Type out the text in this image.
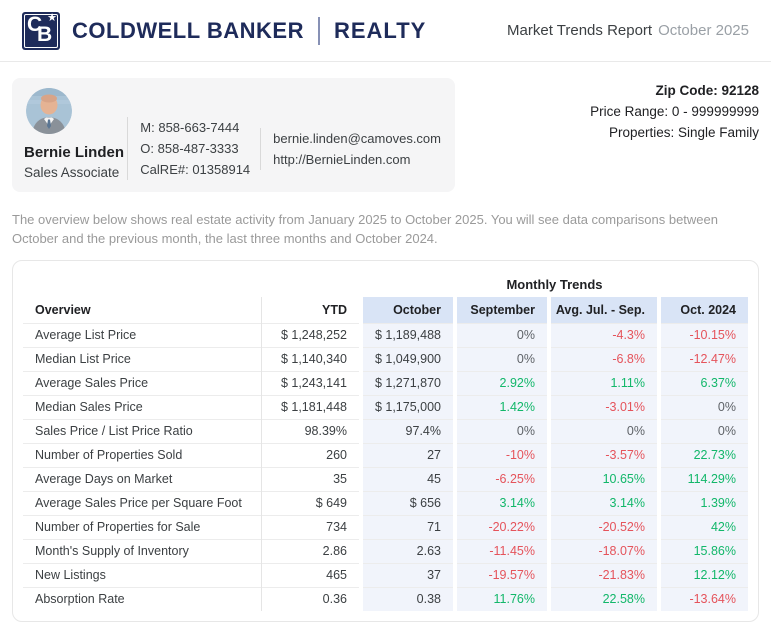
C
B
★ COLDWELL BANKER REALTY	Market Trends Report October 2025
Bernie Linden
Sales Associate
M: 858-663-7444
O: 858-487-3333
CalRE#: 01358914
bernie.linden@camoves.com
http://BernieLinden.com
Zip Code: 92128
Price Range: 0 - 999999999
Properties: Single Family

The overview below shows real estate activity from January 2025 to October 2025. You will see data comparisons between October and the previous month, the last three months and October 2024.

Monthly Trends
Overview	YTD	October	September	Avg. Jul. - Sep.	Oct. 2024
Average List Price	$ 1,248,252	$ 1,189,488	0%	-4.3%	-10.15%
Median List Price	$ 1,140,340	$ 1,049,900	0%	-6.8%	-12.47%
Average Sales Price	$ 1,243,141	$ 1,271,870	2.92%	1.11%	6.37%
Median Sales Price	$ 1,181,448	$ 1,175,000	1.42%	-3.01%	0%
Sales Price / List Price Ratio	98.39%	97.4%	0%	0%	0%
Number of Properties Sold	260	27	-10%	-3.57%	22.73%
Average Days on Market	35	45	-6.25%	10.65%	114.29%
Average Sales Price per Square Foot	$ 649	$ 656	3.14%	3.14%	1.39%
Number of Properties for Sale	734	71	-20.22%	-20.52%	42%
Month's Supply of Inventory	2.86	2.63	-11.45%	-18.07%	15.86%
New Listings	465	37	-19.57%	-21.83%	12.12%
Absorption Rate	0.36	0.38	11.76%	22.58%	-13.64%
